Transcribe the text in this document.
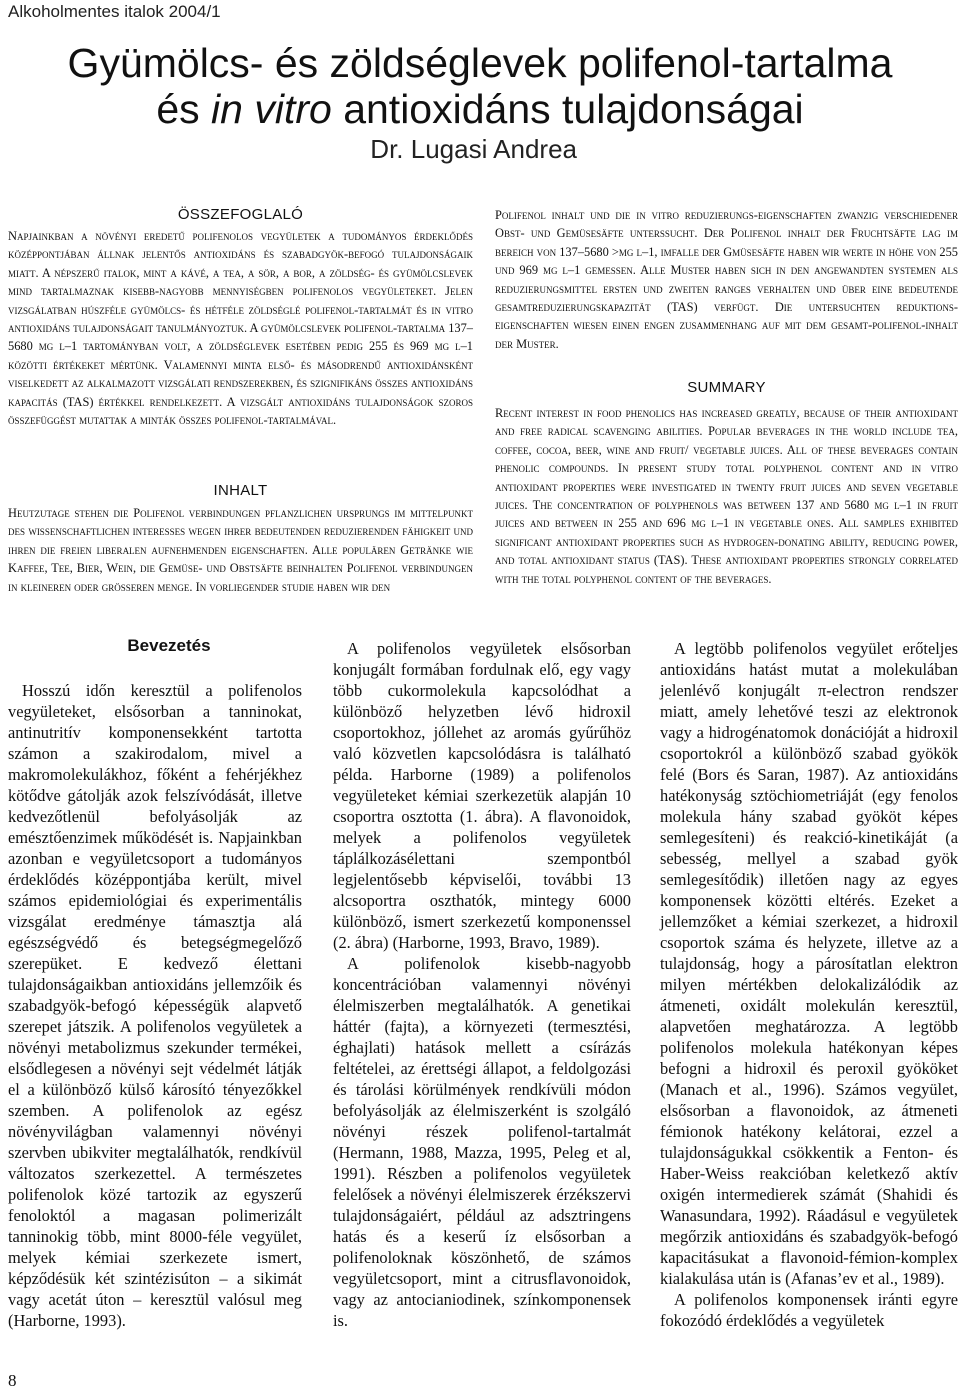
Alkoholmentes italok 2004/1
Gyümölcs- és zöldséglevek polifenol-tartalma
és in vitro antioxidáns tulajdonságai
Dr. Lugasi Andrea
ÖSSZEFOGLALÓ

Napjainkban a növényi eredetű polifenolos vegyületek a tudományos érdeklődés középpontjában állnak jelentős antioxidáns és szabadgyök-befogó tulajdonságaik miatt. A népszerű italok, mint a kávé, a tea, a sör, a bor, a zöldség- és gyümölcslevek mind tartalmaznak kisebb-nagyobb mennyiségben polifenolos vegyületeket. Jelen vizsgálatban húszféle gyümölcs- és hétféle zöldséglé polifenol-tartalmát és in vitro antioxidáns tulajdonságait tanulmányoztuk. A gyümölcslevek polifenol-tartalma 137–5680 mg l–1 tartományban volt, a zöldséglevek esetében pedig 255 és 969 mg l–1 közötti értékeket mértünk. Valamennyi minta első- és másodrendű antioxidánsként viselkedett az alkalmazott vizsgálati rendszerekben, és szignifikáns összes antioxidáns kapacitás (TAS) értékkel rendelkezett. A vizsgált antioxidáns tulajdonságok szoros összefüggést mutattak a minták összes polifenol-tartalmával.

INHALT

Heutzutage stehen die Polifenol verbindungen pflanzlichen ursprungs im mittelpunkt des wissenschaftlichen interesses wegen ihrer bedeutenden reduzierenden fähigkeit und ihren die freien liberalen aufnehmenden eigenschaften. Alle populären Getränke wie Kaffee, Tee, Bier, Wein, die Gemüse- und Obstsäfte beinhalten Polifenol verbindungen in kleineren oder grösseren menge. In vorliegender studie haben wir den

Polifenol inhalt und die in vitro reduzierungs-eigenschaften zwanzig verschiedener Obst- und Gemüsesäfte unterssucht. Der Polifenol inhalt der Fruchtsäfte lag im bereich von 137–5680 >mg l–1, imfalle der Gmüsesäfte haben wir werte in höhe von 255 und 969 mg l–1 gemessen. Alle Muster haben sich in den angewandten systemen als reduzierungsmittel ersten und zweiten ranges verhalten und über eine bedeutende gesamtreduzierungskapazität (TAS) verfügt. Die untersuchten reduktions-eigenschaften wiesen einen engen zusammenhang auf mit dem gesamt-polifenol-inhalt der Muster.

SUMMARY

Recent interest in food phenolics has increased greatly, because of their antioxidant and free radical scavenging abilities. Popular beverages in the world include tea, coffee, cocoa, beer, wine and fruit/ vegetable juices. All of these beverages contain phenolic compounds. In present study total polyphenol content and in vitro antioxidant properties were investigated in twenty fruit juices and seven vegetable juices. The concentration of polyphenols was between 137 and 5680 mg l–1 in fruit juices and between in 255 and 696 mg l–1 in vegetable ones. All samples exhibited significant antioxidant properties such as hydrogen-donating ability, reducing power, and total antioxidant status (TAS). These antioxidant properties strongly correlated with the total polyphenol content of the beverages.

Bevezetés

Hosszú időn keresztül a polifenolos vegyületeket, elsősorban a tanninokat, antinutritív komponensekként tartotta számon a szakirodalom, mivel a makromolekulákhoz, főként a fehérjékhez kötődve gátolják azok felszívódását, illetve kedvezőtlenül befolyásolják az emésztőenzimek működését is. Napjainkban azonban e vegyületcsoport a tudományos érdeklődés középpontjába került, mivel számos epidemiológiai és experimentális vizsgálat eredménye támasztja alá egészségvédő és betegségmegelőző szerepüket. E kedvező élettani tulajdonságaikban antioxidáns jellemzőik és szabadgyök-befogó képességük alapvető szerepet játszik. A polifenolos vegyületek a növényi metabolizmus szekunder termékei, elsődlegesen a növényi sejt védelmét látják el a különböző külső károsító tényezőkkel szemben. A polifenolok az egész növényvilágban valamennyi növényi szervben ubikviter megtalálhatók, rendkívül változatos szerkezettel. A természetes polifenolok közé tartozik az egyszerű fenoloktól a magasan polimerizált tanninokig több, mint 8000-féle vegyület, melyek kémiai szerkezete ismert, képződésük két szintézisúton – a sikimát vagy acetát úton – keresztül valósul meg (Harborne, 1993).

A polifenolos vegyületek elsősorban konjugált formában fordulnak elő, egy vagy több cukormolekula kapcsolódhat a különböző helyzetben lévő hidroxil csoportokhoz, jóllehet az aromás gyűrűhöz való közvetlen kapcsolódásra is található példa. Harborne (1989) a polifenolos vegyületeket kémiai szerkezetük alapján 10 csoportra osztotta (1. ábra). A flavonoidok, melyek a polifenolos vegyületek táplálkozásélettani szempontból legjelentősebb képviselői, további 13 alcsoportra oszthatók, mintegy 6000 különböző, ismert szerkezetű komponenssel (2. ábra) (Harborne, 1993, Bravo, 1989).

A polifenolok kisebb-nagyobb koncentrációban valamennyi növényi élelmiszerben megtalálhatók. A genetikai háttér (fajta), a környezeti (termesztési, éghajlati) hatások mellett a csírázás feltételei, az érettségi állapot, a feldolgozási és tárolási körülmények rendkívüli módon befolyásolják az élelmiszerként is szolgáló növényi részek polifenol-tartalmát (Hermann, 1988, Mazza, 1995, Peleg et al, 1991). Részben a polifenolos vegyületek felelősek a növényi élelmiszerek érzékszervi tulajdonságaiért, például az adsztringens hatás és a keserű íz elsősorban a polifenoloknak köszönhető, de számos vegyületcsoport, mint a citrusflavonoidok, vagy az antocianiodinek, színkomponensek is.

A legtöbb polifenolos vegyület erőteljes antioxidáns hatást mutat a molekulában jelenlévő konjugált π-electron rendszer miatt, amely lehetővé teszi az elektronok vagy a hidrogénatomok donációját a hidroxil csoportokról a különböző szabad gyökök felé (Bors és Saran, 1987). Az antioxidáns hatékonyság sztöchiometriáját (egy fenolos molekula hány szabad gyököt képes semlegesíteni) és reakció-kinetikáját (a sebesség, mellyel a szabad gyök semlegesítődik) illetően nagy az egyes komponensek közötti eltérés. Ezeket a jellemzőket a kémiai szerkezet, a hidroxil csoportok száma és helyzete, illetve az a tulajdonság, hogy a párosítatlan elektron milyen mértékben delokalizálódik az átmeneti, oxidált molekulán keresztül, alapvetően meghatározza. A legtöbb polifenolos molekula hatékonyan képes befogni a hidroxil és peroxil gyököket (Manach et al., 1996). Számos vegyület, elsősorban a flavonoidok, az átmeneti fémionok hatékony kelátorai, ezzel a tulajdonságukkal csökkentik a Fenton- és Haber-Weiss reakcióban keletkező aktív oxigén intermedierek számát (Shahidi és Wanasundara, 1992). Ráadásul e vegyületek megőrzik antioxidáns és szabadgyök-befogó kapacitásukat a flavonoid-fémion-komplex kialakulása után is (Afanas’ev et al., 1989).

A polifenolos komponensek iránti egyre fokozódó érdeklődés a vegyületek

8
